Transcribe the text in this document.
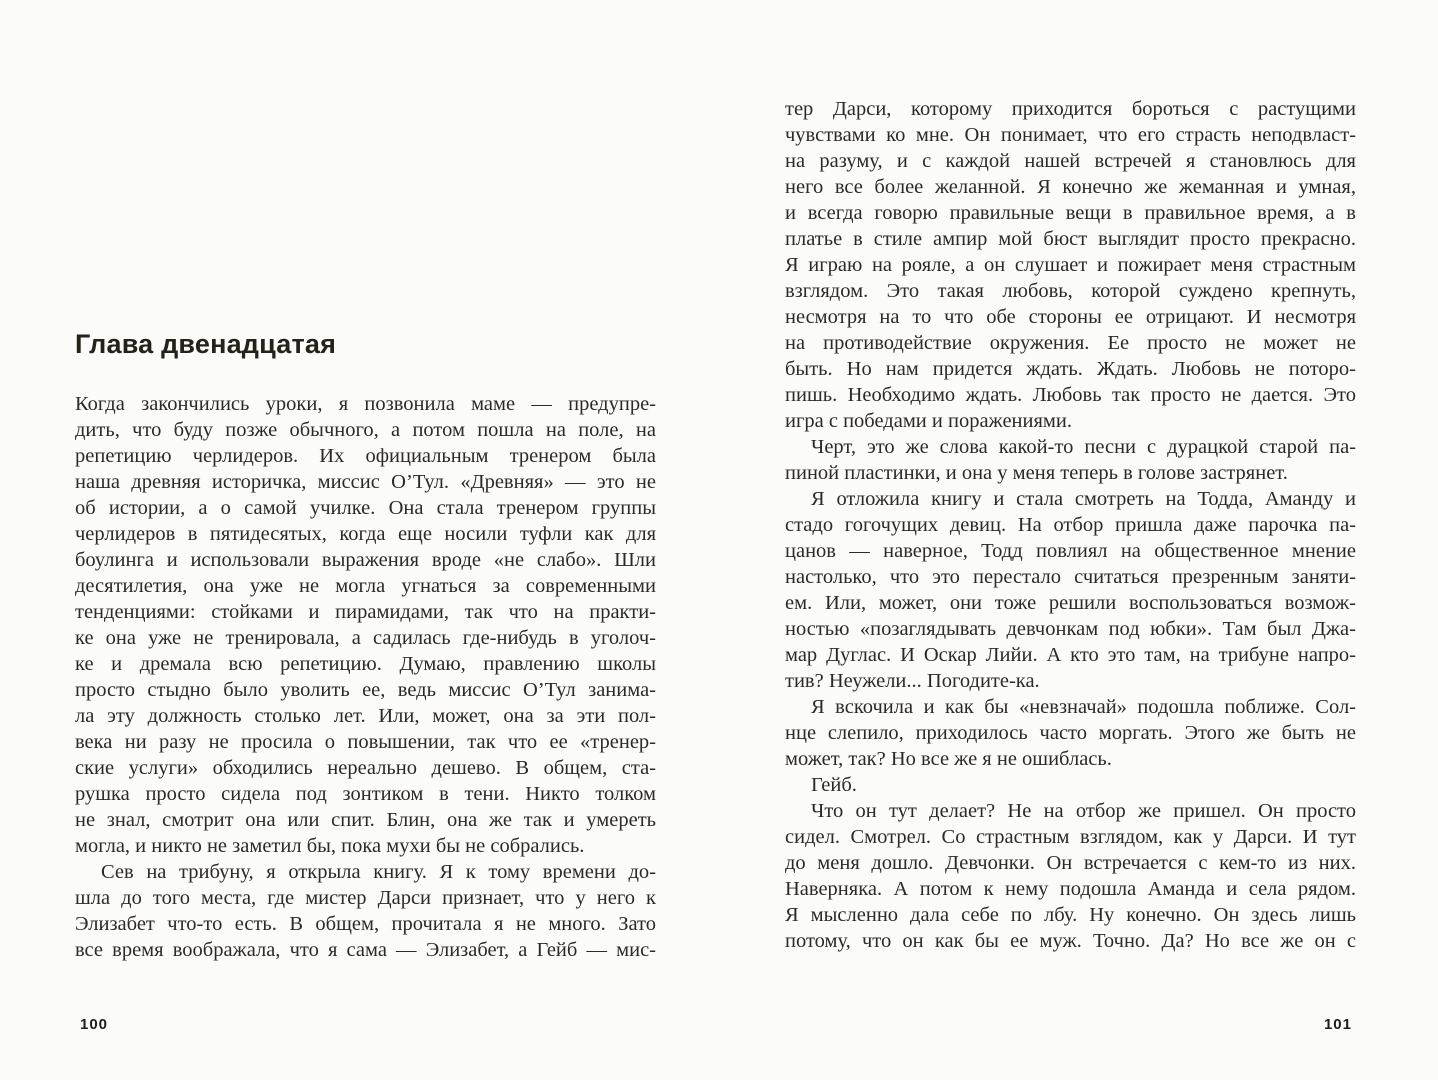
Глава двенадцатая
Когда закончились уроки, я позвонила маме — предупре-
дить, что буду позже обычного, а потом пошла на поле, на
репетицию черлидеров. Их официальным тренером была
наша древняя историчка, миссис О’Тул. «Древняя» — это не
об истории, а о самой училке. Она стала тренером группы
черлидеров в пятидесятых, когда еще носили туфли как для
боулинга и использовали выражения вроде «не слабо». Шли
десятилетия, она уже не могла угнаться за современными
тенденциями: стойками и пирамидами, так что на практи-
ке она уже не тренировала, а садилась где-нибудь в уголоч-
ке и дремала всю репетицию. Думаю, правлению школы
просто стыдно было уволить ее, ведь миссис О’Тул занима-
ла эту должность столько лет. Или, может, она за эти пол-
века ни разу не просила о повышении, так что ее «тренер-
ские услуги» обходились нереально дешево. В общем, ста-
рушка просто сидела под зонтиком в тени. Никто толком
не знал, смотрит она или спит. Блин, она же так и умереть
могла, и никто не заметил бы, пока мухи бы не собрались.
Сев на трибуну, я открыла книгу. Я к тому времени до-
шла до того места, где мистер Дарси признает, что у него к
Элизабет что-то есть. В общем, прочитала я не много. Зато
все время воображала, что я сама — Элизабет, а Гейб — мис-
тер Дарси, которому приходится бороться с растущими
чувствами ко мне. Он понимает, что его страсть неподвласт-
на разуму, и с каждой нашей встречей я становлюсь для
него все более желанной. Я конечно же жеманная и умная,
и всегда говорю правильные вещи в правильное время, а в
платье в стиле ампир мой бюст выглядит просто прекрасно.
Я играю на рояле, а он слушает и пожирает меня страстным
взглядом. Это такая любовь, которой суждено крепнуть,
несмотря на то что обе стороны ее отрицают. И несмотря
на противодействие окружения. Ее просто не может не
быть. Но нам придется ждать. Ждать. Любовь не поторо-
пишь. Необходимо ждать. Любовь так просто не дается. Это
игра с победами и поражениями.
Черт, это же слова какой-то песни с дурацкой старой па-
пиной пластинки, и она у меня теперь в голове застрянет.
Я отложила книгу и стала смотреть на Тодда, Аманду и
стадо гогочущих девиц. На отбор пришла даже парочка па-
цанов — наверное, Тодд повлиял на общественное мнение
настолько, что это перестало считаться презренным заняти-
ем. Или, может, они тоже решили воспользоваться возмож-
ностью «позаглядывать девчонкам под юбки». Там был Джа-
мар Дуглас. И Оскар Лийи. А кто это там, на трибуне напро-
тив? Неужели... Погодите-ка.
Я вскочила и как бы «невзначай» подошла поближе. Сол-
нце слепило, приходилось часто моргать. Этого же быть не
может, так? Но все же я не ошиблась.
Гейб.
Что он тут делает? Не на отбор же пришел. Он просто
сидел. Смотрел. Со страстным взглядом, как у Дарси. И тут
до меня дошло. Девчонки. Он встречается с кем-то из них.
Наверняка. А потом к нему подошла Аманда и села рядом.
Я мысленно дала себе по лбу. Ну конечно. Он здесь лишь
потому, что он как бы ее муж. Точно. Да? Но все же он с
100	101
